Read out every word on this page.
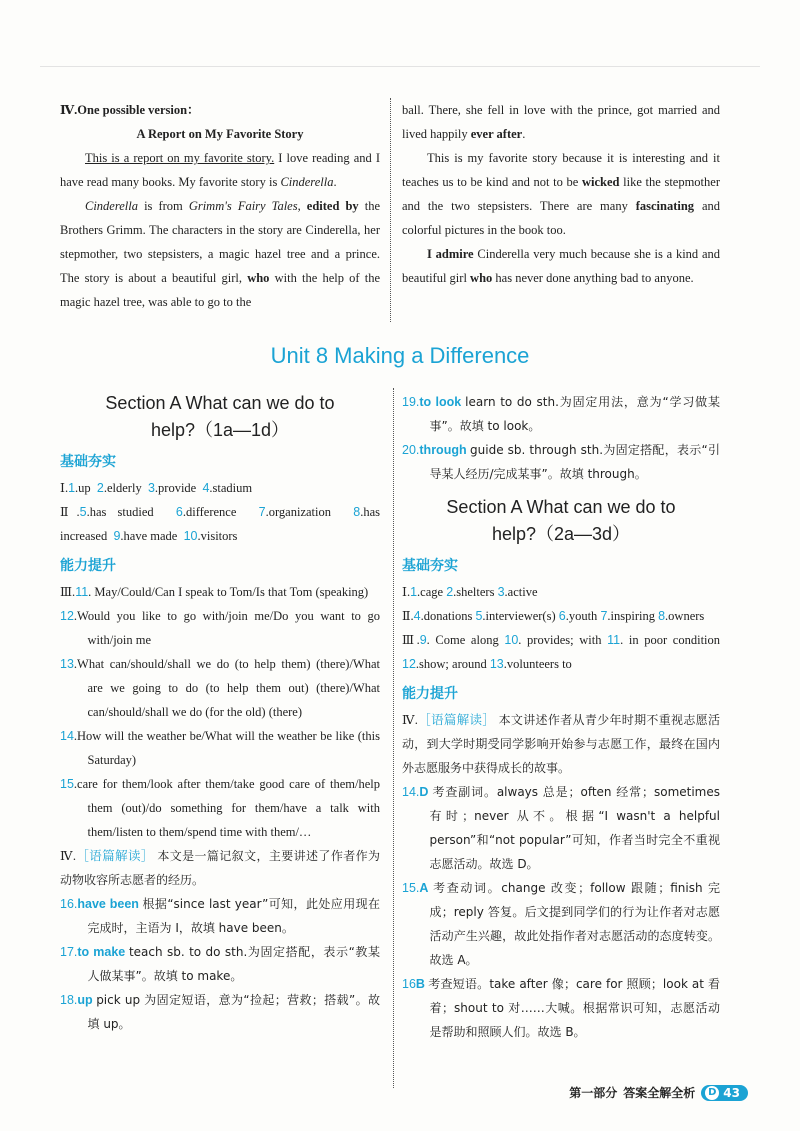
Ⅳ.One possible version：

A Report on My Favorite Story

This is a report on my favorite story. I love reading and I have read many books. My favorite story is Cinderella.

Cinderella is from Grimm's Fairy Tales, edited by the Brothers Grimm. The characters in the story are Cinderella, her stepmother, two stepsisters, a magic hazel tree and a prince. The story is about a beautiful girl, who with the help of the magic hazel tree, was able to go to the

ball. There, she fell in love with the prince, got married and lived happily ever after.

This is my favorite story because it is interesting and it teaches us to be kind and not to be wicked like the stepmother and the two stepsisters. There are many fascinating and colorful pictures in the book too.

I admire Cinderella very much because she is a kind and beautiful girl who has never done anything bad to anyone.

Unit 8 Making a Difference
Section A What can we do to
help?（1a—1d）
基础夯实

Ⅰ.1.up 2.elderly 3.provide 4.stadium

Ⅱ.5.has studied 6.difference 7.organization 8.has increased 9.have made 10.visitors

能力提升

Ⅲ.11. May/Could/Can I speak to Tom/Is that Tom (speaking)

12.Would you like to go with/join me/Do you want to go with/join me

13.What can/should/shall we do (to help them) (there)/What are we going to do (to help them out) (there)/What can/should/shall we do (for the old) (there)

14.How will the weather be/What will the weather be like (this Saturday)

15.care for them/look after them/take good care of them/help them (out)/do something for them/have a talk with them/listen to them/spend time with them/…

Ⅳ.［语篇解读］ 本文是一篇记叙文，主要讲述了作者作为动物收容所志愿者的经历。

16.have been 根据“since last year”可知，此处应用现在完成时，主语为 I，故填 have been。

17.to make teach sb. to do sth.为固定搭配，表示“教某人做某事”。故填 to make。

18.up pick up 为固定短语，意为“捡起；营救；搭载”。故填 up。

19.to look learn to do sth.为固定用法，意为“学习做某事”。故填 to look。

20.through guide sb. through sth.为固定搭配，表示“引导某人经历/完成某事”。故填 through。

Section A What can we do to
help?（2a—3d）
基础夯实

Ⅰ.1.cage 2.shelters 3.active

Ⅱ.4.donations 5.interviewer(s) 6.youth 7.inspiring 8.owners

Ⅲ.9. Come along 10. provides; with 11. in poor condition 12.show; around 13.volunteers to

能力提升

Ⅳ.［语篇解读］ 本文讲述作者从青少年时期不重视志愿活动，到大学时期受同学影响开始参与志愿工作，最终在国内外志愿服务中获得成长的故事。

14.D 考查副词。always 总是；often 经常；sometimes 有时；never 从不。根据“I wasn't a helpful person”和“not popular”可知，作者当时完全不重视志愿活动。故选 D。

15.A 考查动词。change 改变；follow 跟随；finish 完成；reply 答复。后文提到同学们的行为让作者对志愿活动产生兴趣，故此处指作者对志愿活动的态度转变。故选 A。

16B 考查短语。take after 像；care for 照顾；look at 看着；shout to 对……大喊。根据常识可知，志愿活动是帮助和照顾人们。故选 B。

第一部分 答案全解全析 D 43
